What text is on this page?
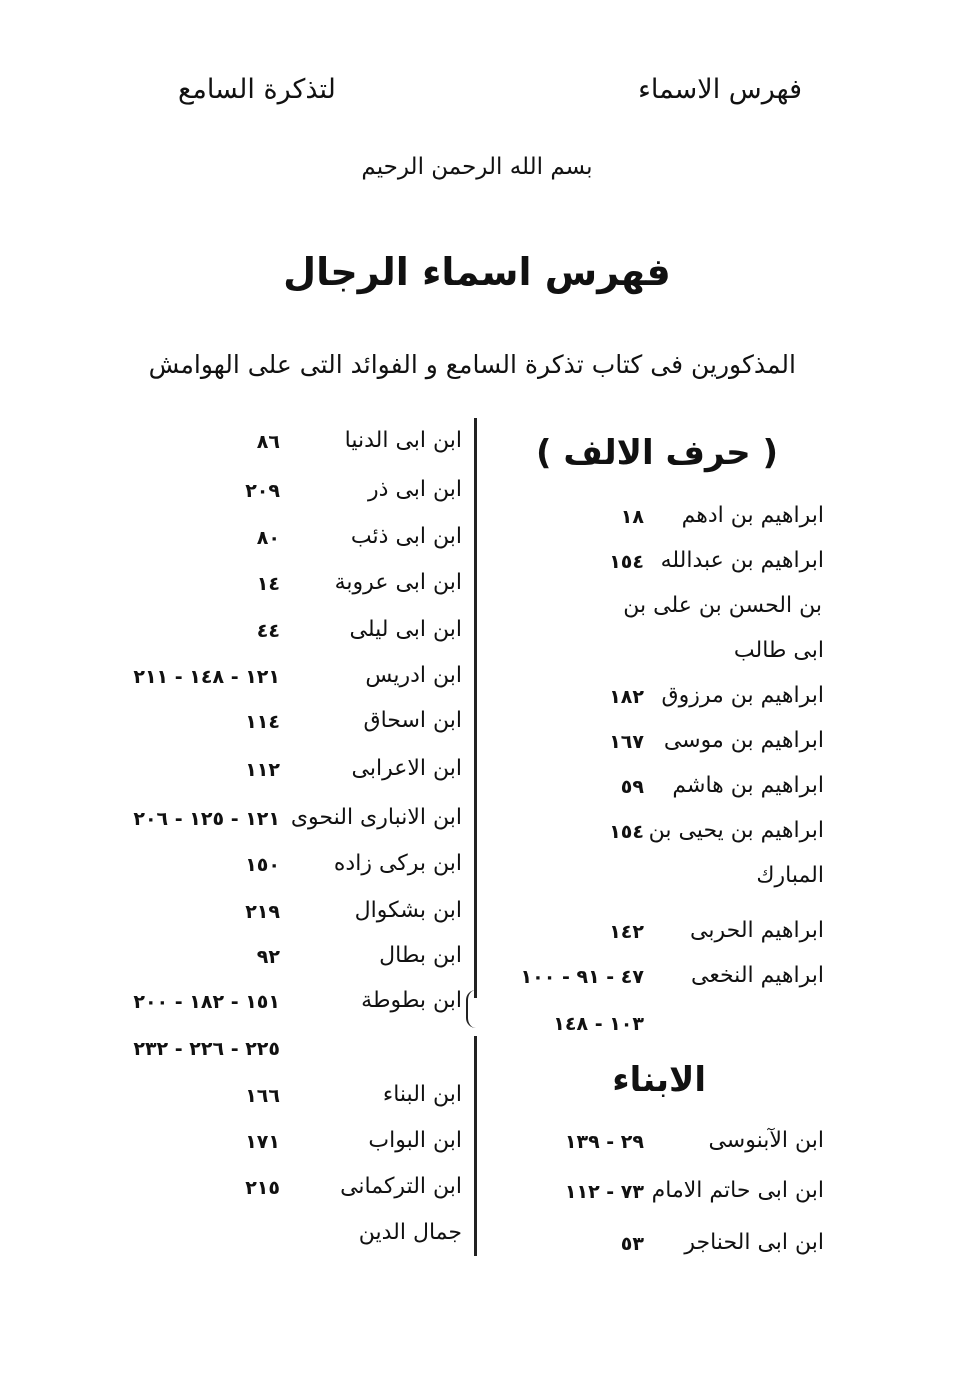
فهرس الاسماء
لتذكرة السامع
بسم الله الرحمن الرحيم
فهرس اسماء الرجال
المذكورين فى كتاب تذكرة السامع و الفوائد التى على الهوامش
( حرف الالف )
ابراهيم بن ادهم
١٨
ابراهيم بن عبدالله
١٥٤
بن الحسن بن على بن
ابى طالب
ابراهيم بن مرزوق
١٨٢
ابراهيم بن موسى
١٦٧
ابراهيم بن هاشم
٥٩
ابراهيم بن يحيى بن
١٥٤
المبارك
ابراهيم الحربى
١٤٢
ابراهيم النخعى
٤٧ - ٩١ - ١٠٠
١٠٣ - ١٤٨
الابناء
ابن الآبنوسى
٢٩ - ١٣٩
ابن ابى حاتم الامام
٧٣ - ١١٢
ابن ابى الحناجر
٥٣
ابن ابى الدنيا
٨٦
ابن ابى ذر
٢٠٩
ابن ابى ذئب
٨٠
ابن ابى عروبة
١٤
ابن ابى ليلى
٤٤
ابن ادريس
١٢١ - ١٤٨ - ٢١١
ابن اسحاق
١١٤
ابن الاعرابى
١١٢
ابن الانبارى النحوى
١٢١ - ١٢٥ - ٢٠٦
ابن بركى زاده
١٥٠
ابن بشكوال
٢١٩
ابن بطال
٩٢
ابن بطوطة
١٥١ - ١٨٢ - ٢٠٠
٢٢٥ - ٢٢٦ - ٢٣٢
ابن البناء
١٦٦
ابن البواب
١٧١
ابن التركمانى
٢١٥
جمال الدين
